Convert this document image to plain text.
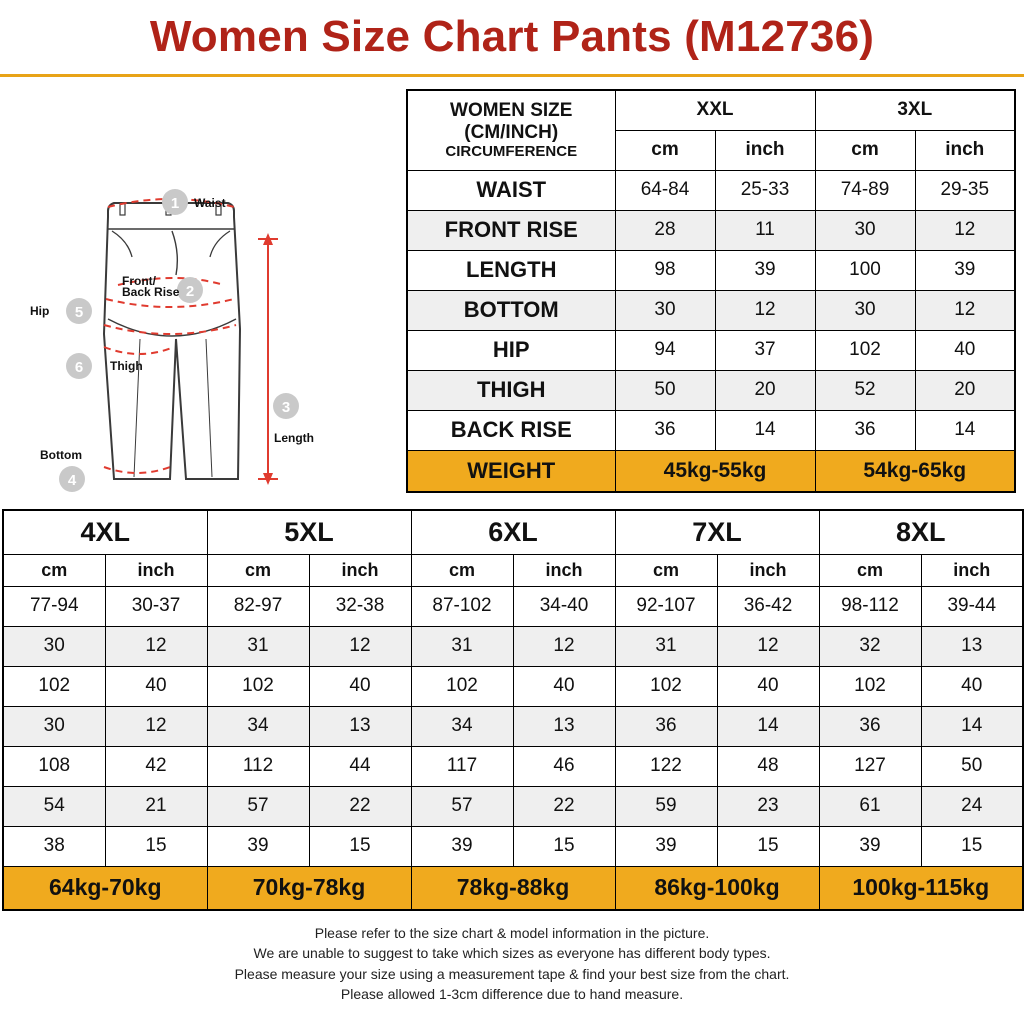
Women Size Chart Pants (M12736)
1
2
3
4
5
6
Waist
Front/
Back Rise
Length
Bottom
Hip
Thigh
WOMEN SIZE
(CM/INCH)
CIRCUMFERENCE	XXL		3XL	
	cm	inch	cm	inch
WAIST	64-84	25-33	74-89	29-35
FRONT RISE	28	11	30	12
LENGTH	98	39	100	39
BOTTOM	30	12	30	12
HIP	94	37	102	40
THIGH	50	20	52	20
BACK RISE	36	14	36	14
WEIGHT	45kg-55kg		54kg-65kg	
4XL		5XL		6XL		7XL		8XL	
cm	inch	cm	inch	cm	inch	cm	inch	cm	inch
77-94	30-37	82-97	32-38	87-102	34-40	92-107	36-42	98-112	39-44
30	12	31	12	31	12	31	12	32	13
102	40	102	40	102	40	102	40	102	40
30	12	34	13	34	13	36	14	36	14
108	42	112	44	117	46	122	48	127	50
54	21	57	22	57	22	59	23	61	24
38	15	39	15	39	15	39	15	39	15
64kg-70kg		70kg-78kg		78kg-88kg		86kg-100kg		100kg-115kg	
Please refer to the size chart & model information in the picture.
We are unable to suggest to take which sizes as everyone has different body types.
Please measure your size using a measurement tape & find your best size from the chart.
Please allowed 1-3cm difference due to hand measure.
